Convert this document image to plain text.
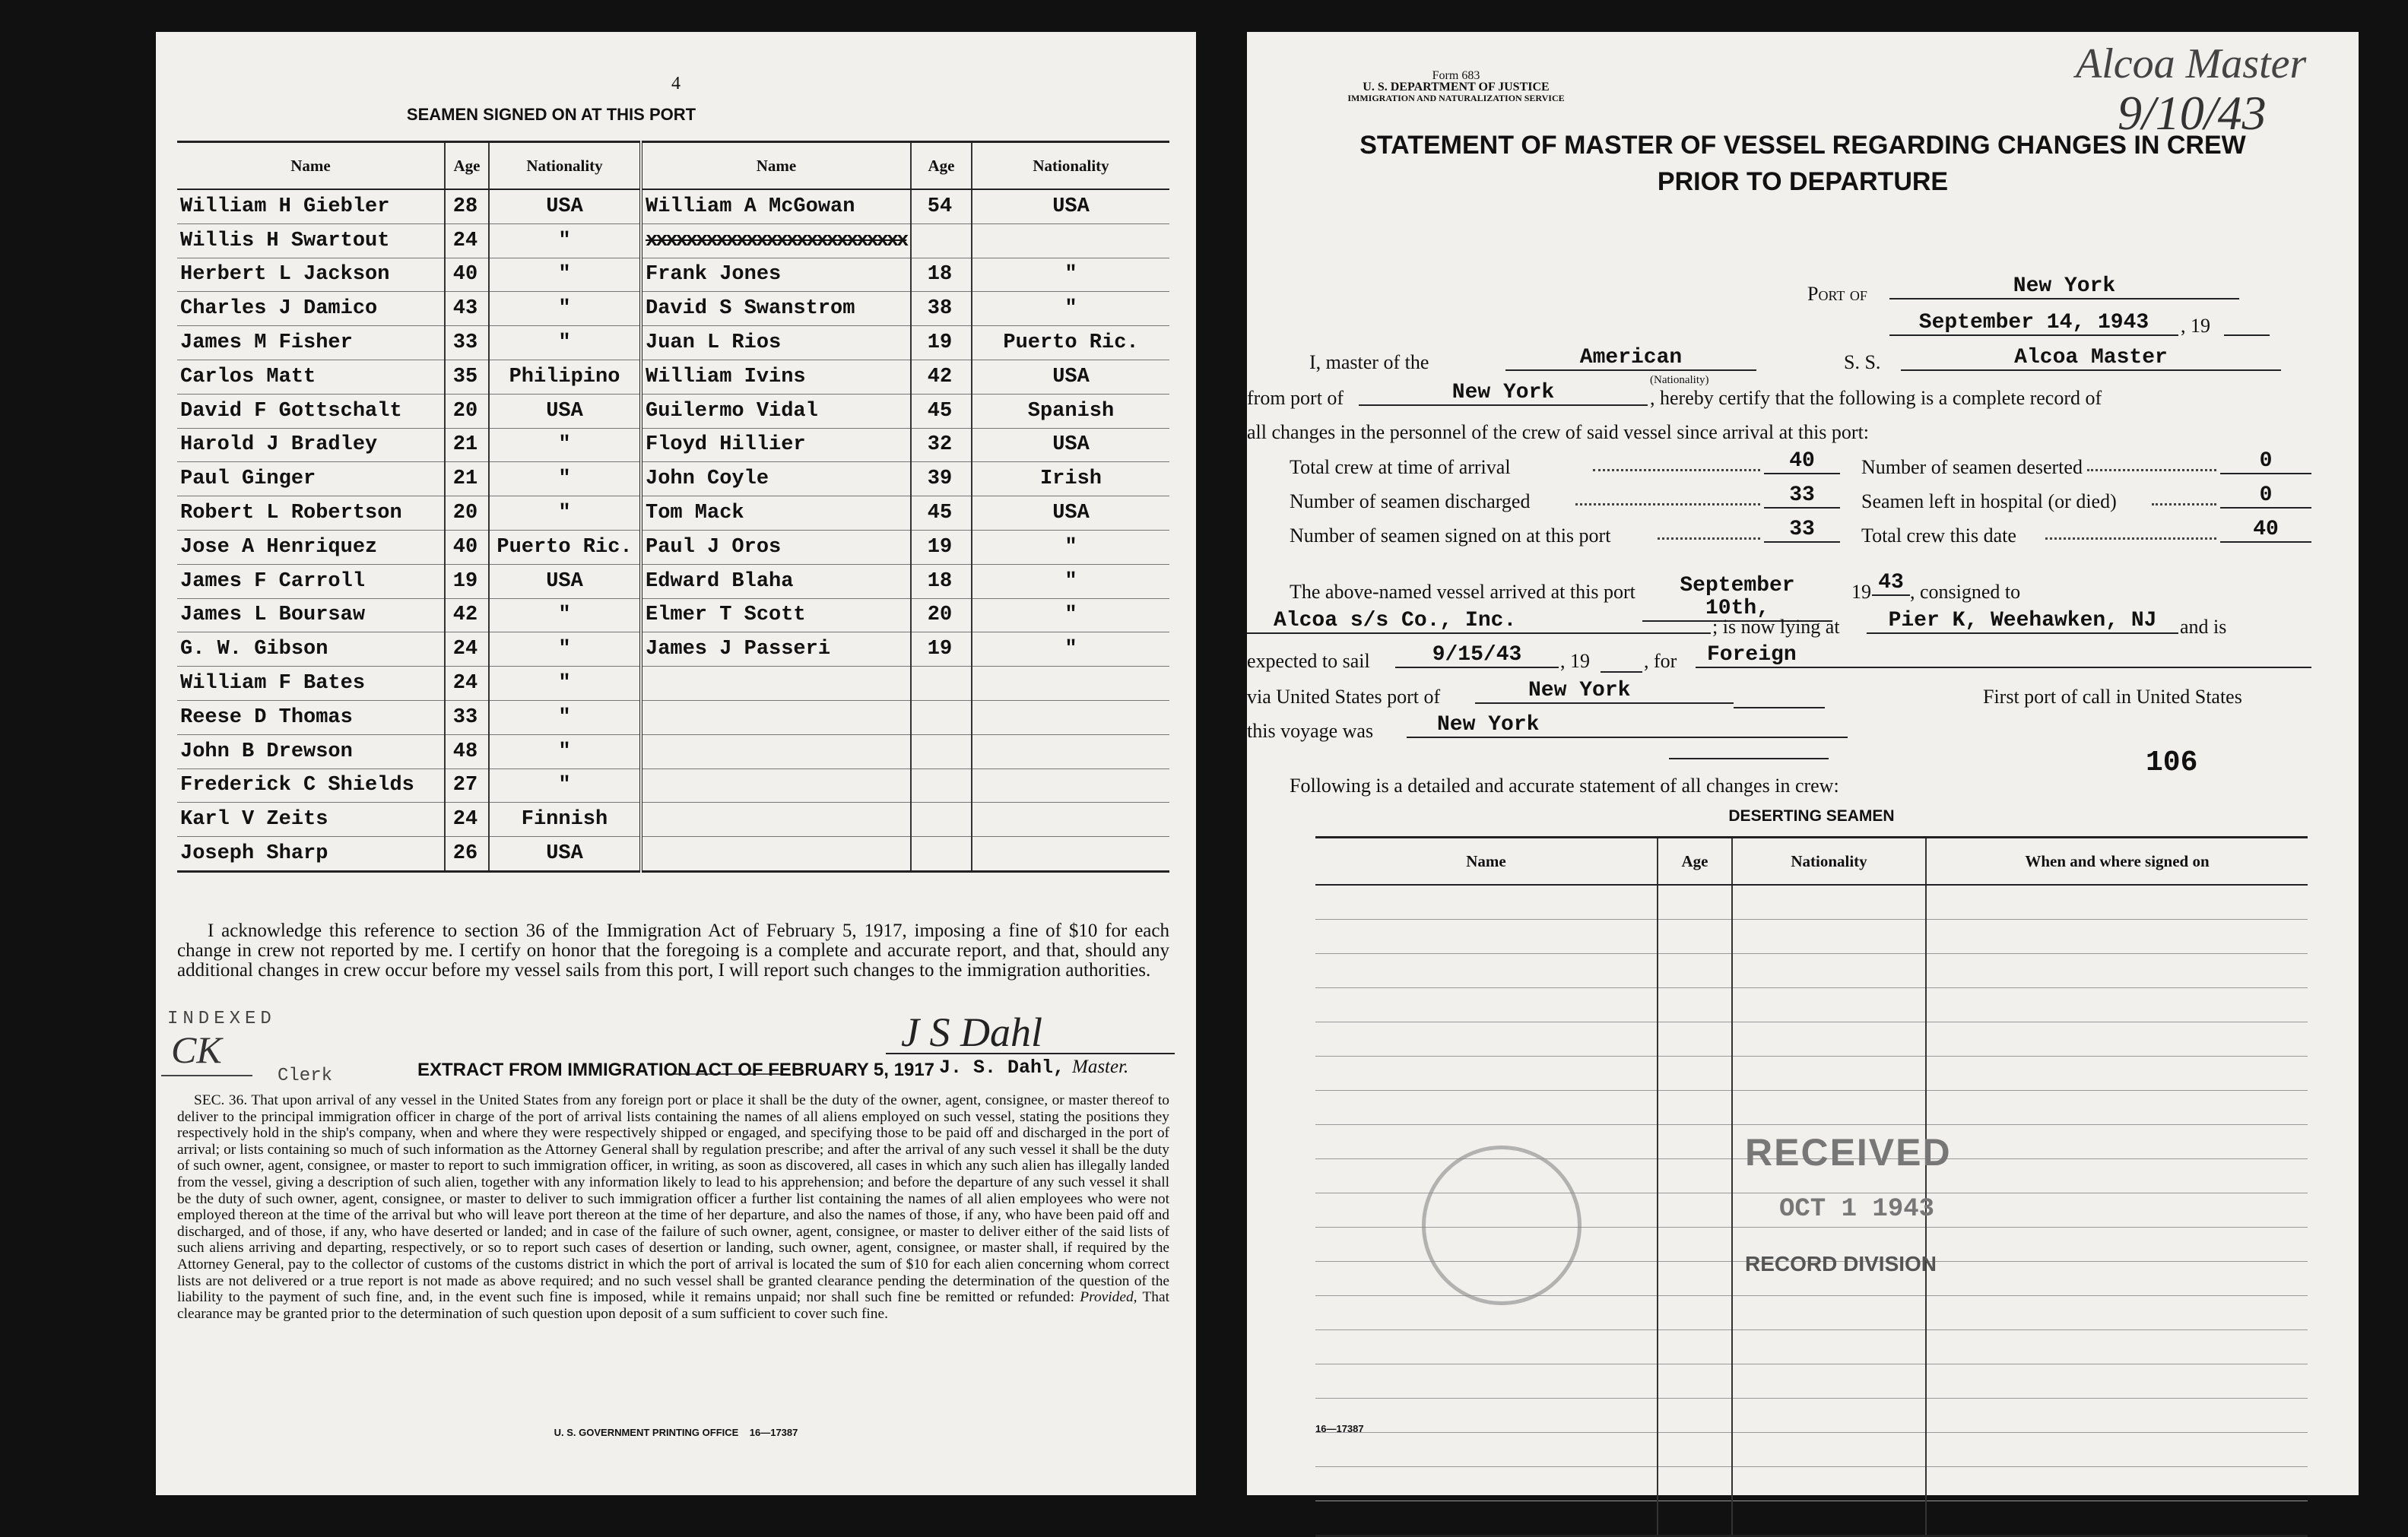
4
SEAMEN SIGNED ON AT THIS PORT
Name	Age	Nationality	Name	Age	Nationality
William H Giebler	28	USA	William A McGowan	54	USA
Willis H Swartout	24	"	xxxxxxxxxxxxxxxxxxxxxxxxxx		
Herbert L Jackson	40	"	Frank Jones	18	"
Charles J Damico	43	"	David S Swanstrom	38	"
James M Fisher	33	"	Juan L Rios	19	Puerto Ric.
Carlos Matt	35	Philipino	William Ivins	42	USA
David F Gottschalt	20	USA	Guilermo Vidal	45	Spanish
Harold J Bradley	21	"	Floyd Hillier	32	USA
Paul Ginger	21	"	John Coyle	39	Irish
Robert L Robertson	20	"	Tom Mack	45	USA
Jose A Henriquez	40	Puerto Ric.	Paul J Oros	19	"
James F Carroll	19	USA	Edward Blaha	18	"
James L Boursaw	42	"	Elmer T Scott	20	"
G. W. Gibson	24	"	James J Passeri	19	"
William F Bates	24	"			
Reese D Thomas	33	"			
John B Drewson	48	"			
Frederick C Shields	27	"			
Karl V Zeits	24	Finnish			
Joseph Sharp	26	USA			
I acknowledge this reference to section 36 of the Immigration Act of February 5, 1917, imposing a fine of $10 for each change in crew not reported by me. I certify on honor that the foregoing is a complete and accurate report, and that, should any additional changes in crew occur before my vessel sails from this port, I will report such changes to the immigration authorities.
INDEXED
CK
Clerk
J S Dahl
J. S. Dahl, Master.
EXTRACT FROM IMMIGRATION ACT OF FEBRUARY 5, 1917
SEC. 36. That upon arrival of any vessel in the United States from any foreign port or place it shall be the duty of the owner, agent, consignee, or master thereof to deliver to the principal immigration officer in charge of the port of arrival lists containing the names of all aliens employed on such vessel, stating the positions they respectively hold in the ship's company, when and where they were respectively shipped or engaged, and specifying those to be paid off and discharged in the port of arrival; or lists containing so much of such information as the Attorney General shall by regulation prescribe; and after the arrival of any such vessel it shall be the duty of such owner, agent, consignee, or master to report to such immigration officer, in writing, as soon as discovered, all cases in which any such alien has illegally landed from the vessel, giving a description of such alien, together with any information likely to lead to his apprehension; and before the departure of any such vessel it shall be the duty of such owner, agent, consignee, or master to deliver to such immigration officer a further list containing the names of all alien employees who were not employed thereon at the time of the arrival but who will leave port thereon at the time of her departure, and also the names of those, if any, who have been paid off and discharged, and of those, if any, who have deserted or landed; and in case of the failure of such owner, agent, consignee, or master to deliver either of the said lists of such aliens arriving and departing, respectively, or so to report such cases of desertion or landing, such owner, agent, consignee, or master shall, if required by the Attorney General, pay to the collector of customs of the customs district in which the port of arrival is located the sum of $10 for each alien concerning whom correct lists are not delivered or a true report is not made as above required; and no such vessel shall be granted clearance pending the determination of the question of the liability to the payment of such fine, and, in the event such fine is imposed, while it remains unpaid; nor shall such fine be remitted or refunded: Provided, That clearance may be granted prior to the determination of such question upon deposit of a sum sufficient to cover such fine.
U. S. GOVERNMENT PRINTING OFFICE    16—17387
Form 683
U. S. DEPARTMENT OF JUSTICE
IMMIGRATION AND NATURALIZATION SERVICE
Alcoa Master
9/10/43
STATEMENT OF MASTER OF VESSEL REGARDING CHANGES IN CREW
PRIOR TO DEPARTURE
Port of	New York
September 14, 1943	, 19
I, master of the	American
(Nationality)
S. S.	Alcoa Master
from port of	New York	, hereby certify that the following is a complete record of
all changes in the personnel of the crew of said vessel since arrival at this port:
Total crew at time of arrival	40	Number of seamen deserted	0
Number of seamen discharged	33	Seamen left in hospital (or died)	0
Number of seamen signed on at this port	33	Total crew this date	40
The above-named vessel arrived at this port	September 10th,
19 43 , consigned to
Alcoa s/s Co., Inc.	; is now lying at	Pier K, Weehawken, NJ	and is
expected to sail	9/15/43	, 19	, for	Foreign
via United States port of	New York	First port of call in United States
this voyage was	New York
106
Following is a detailed and accurate statement of all changes in crew:
DESERTING SEAMEN
Name	Age	Nationality	When and where signed on

RECEIVED
OCT 1 1943
RECORD DIVISION
16—17387
